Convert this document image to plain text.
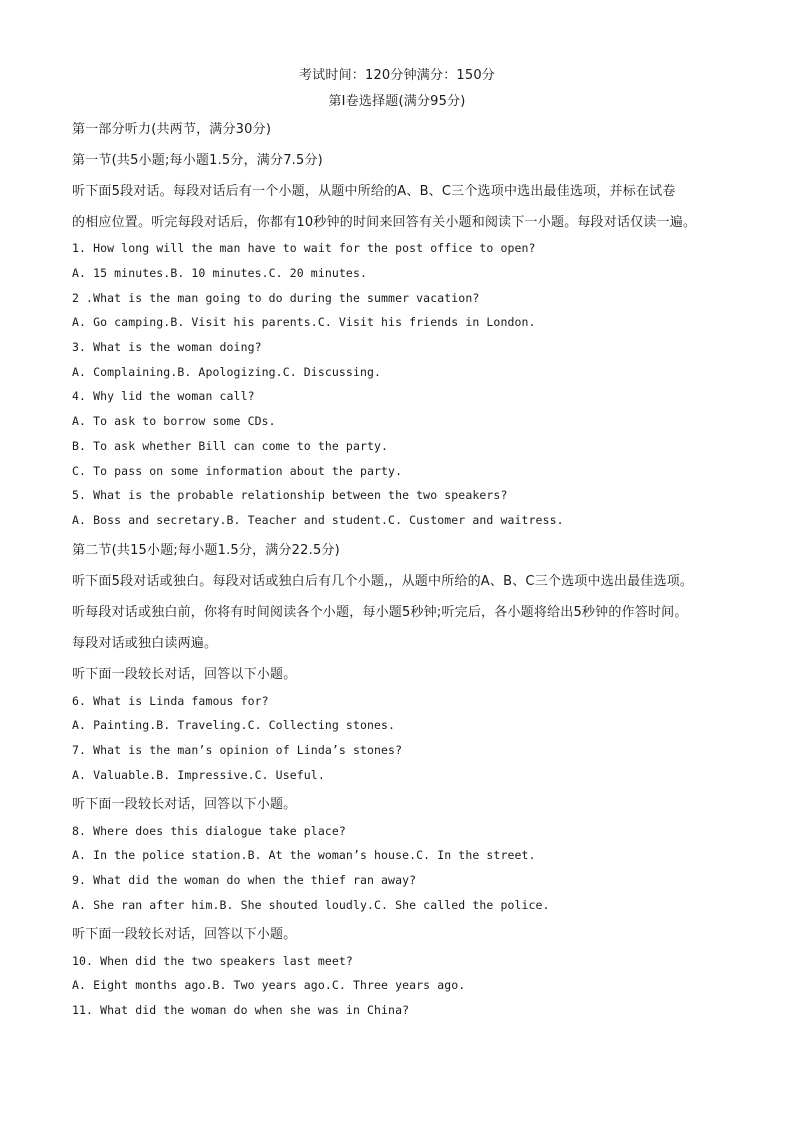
考试时间：120分钟满分：150分
第Ⅰ卷选择题(满分95分)
第一部分听力(共两节，满分30分)
第一节(共5小题;每小题1.5分，满分7.5分)
听下面5段对话。每段对话后有一个小题，从题中所给的A、B、C三个选项中选出最佳选项，并标在试卷
的相应位置。听完每段对话后，你都有10秒钟的时间来回答有关小题和阅读下一小题。每段对话仅读一遍。
1. How long will the man have to wait for the post office to open?
A. 15 minutes.B. 10 minutes.C. 20 minutes.
2 .What is the man going to do during the summer vacation?
A. Go camping.B. Visit his parents.C. Visit his friends in London.
3. What is the woman doing?
A. Complaining.B. Apologizing.C. Discussing.
4. Why lid the woman call?
A. To ask to borrow some CDs.
B. To ask whether Bill can come to the party.
C. To pass on some information about the party.
5. What is the probable relationship between the two speakers?
A. Boss and secretary.B. Teacher and student.C. Customer and waitress.
第二节(共15小题;每小题1.5分，满分22.5分)
听下面5段对话或独白。每段对话或独白后有几个小题,，从题中所给的A、B、C三个选项中选出最佳选项。
听每段对话或独白前，你将有时间阅读各个小题，每小题5秒钟;听完后，各小题将给出5秒钟的作答时间。
每段对话或独白读两遍。
听下面一段较长对话，回答以下小题。
6. What is Linda famous for?
A. Painting.B. Traveling.C. Collecting stones.
7. What is the man’s opinion of Linda’s stones?
A. Valuable.B. Impressive.C. Useful.
听下面一段较长对话，回答以下小题。
8. Where does this dialogue take place?
A. In the police station.B. At the woman’s house.C. In the street.
9. What did the woman do when the thief ran away?
A. She ran after him.B. She shouted loudly.C. She called the police.
听下面一段较长对话，回答以下小题。
10. When did the two speakers last meet?
A. Eight months ago.B. Two years ago.C. Three years ago.
11. What did the woman do when she was in China?
